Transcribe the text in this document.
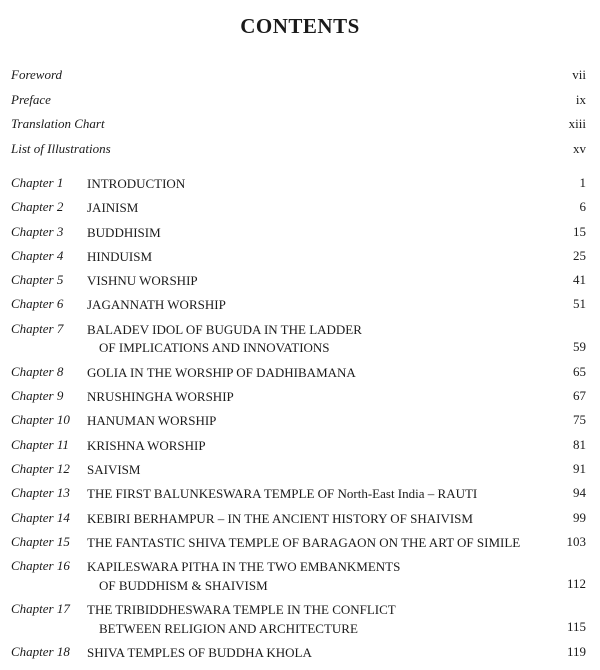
CONTENTS
Foreword	vii
Preface	ix
Translation Chart	xiii
List of Illustrations	xv
Chapter 1 INTRODUCTION	1
Chapter 2 JAINISM	6
Chapter 3 BUDDHISIM	15
Chapter 4 HINDUISM	25
Chapter 5 VISHNU WORSHIP	41
Chapter 6 JAGANNATH WORSHIP	51
Chapter 7 BALADEV IDOL OF BUGUDA IN THE LADDER
OF IMPLICATIONS AND INNOVATIONS	59
Chapter 8 GOLIA IN THE WORSHIP OF DADHIBAMANA	65
Chapter 9 NRUSHINGHA WORSHIP	67
Chapter 10 HANUMAN WORSHIP	75
Chapter 11 KRISHNA WORSHIP	81
Chapter 12 SAIVISM	91
Chapter 13 THE FIRST BALUNKESWARA TEMPLE OF North-East India – RAUTI	94
Chapter 14 KEBIRI BERHAMPUR – IN THE ANCIENT HISTORY OF SHAIVISM	99
Chapter 15 THE FANTASTIC SHIVA TEMPLE OF BARAGAON ON THE ART OF SIMILE	103
Chapter 16 KAPILESWARA PITHA IN THE TWO EMBANKMENTS
OF BUDDHISM & SHAIVISM	112
Chapter 17 THE TRIBIDDHESWARA TEMPLE IN THE CONFLICT
BETWEEN RELIGION AND ARCHITECTURE	115
Chapter 18 SHIVA TEMPLES OF BUDDHA KHOLA	119
